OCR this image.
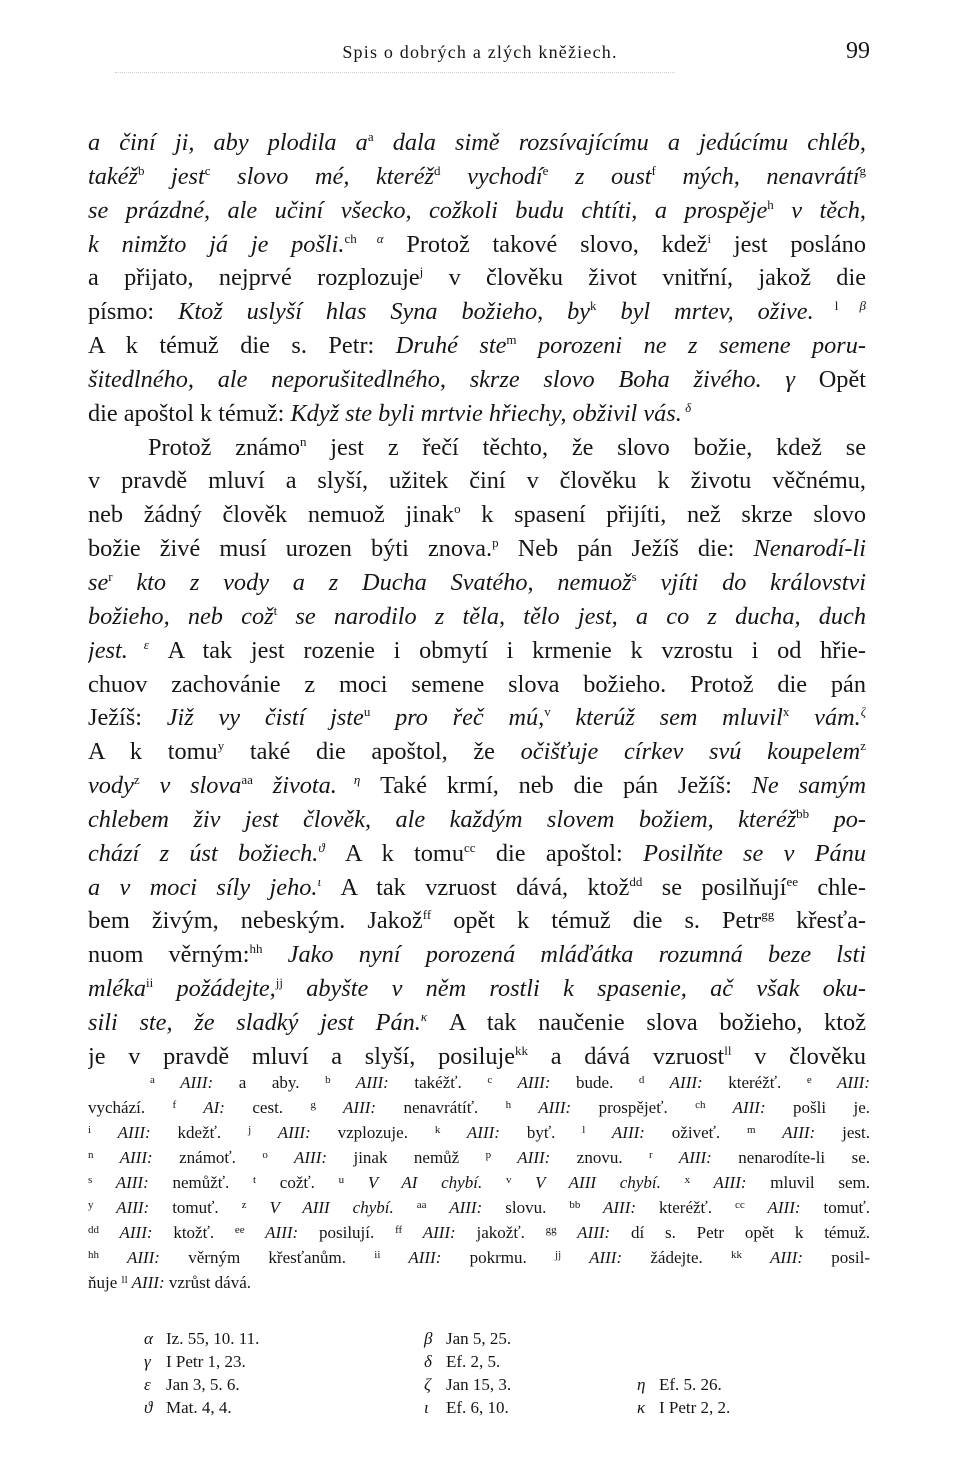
Spis o dobrých a zlých kněžiech.	99
a činí ji, aby plodila $a^a$ dala simě rozsívajícímu a jedúcímu chléb,
takéž$^b$ jest$^c$ slovo mé, kteréž$^d$ vychodí$^e$ z oust$^f$ mých, nenavrátí$^g$
se prázdné, ale učiní všecko, cožkoli budu chtíti, a prospěje$^h$ v těch,
k nimžto já je pošli.$^{ch}$ $^\alpha$ Protož takové slovo, kdež$^i$ jest posláno
a přijato, nejprvé rozplozuje$^j$ v člověku život vnitřní, jakož die
písmo: Ktož uslyší hlas Syna božieho, $by^k$ byl mrtev, ožive. $^l$ $^\beta$
A k témuž die s. Petr: Druhé ste$^m$ porozeni ne z semene poru-
šitedlného, ale neporušitedlného, skrze slovo Boha živého. γ Opět
die apoštol k témuž: Když ste byli mrtvie hřiechy, obživil vás. $^\delta$
Protož známo$^n$ jest z řečí těchto, že slovo božie, kdež se
v pravdě mluví a slyší, užitek činí v člověku k životu věčnému,
neb žádný člověk nemuož jinak$^o$ k spasení přijíti, než skrze slovo
božie živé musí urozen býti znova.$^p$ Neb pán Ježíš die: Nenarodí-li
$se^r$ kto z vody a z Ducha Svatého, nemuož$^s$ vjíti do královstvi
božieho, neb což$^t$ se narodilo z těla, tělo jest, a co z ducha, duch
jest. $^\varepsilon$ A tak jest rozenie i obmytí i krmenie k vzrostu i od hřie-
chuov zachovánie z moci semene slova božieho. Protož die pán
Ježíš: Již vy čistí jste$^u$ pro řeč mú,$^v$ kterúž sem mluvil$^x$ vám.$^\zeta$
A k tomu$^y$ také die apoštol, že očišťuje církev svú koupelem$^z$
vody$^z$ v slova$^{aa}$ života. $^\eta$ Také krmí, neb die pán Ježíš: Ne samým
chlebem živ jest člověk, ale každým slovem božiem, kteréž$^{bb}$ po-
chází z úst božiech.$^ϑ$ A k tomu$^{cc}$ die apoštol: Posilňte se v Pánu
a v moci síly jeho.$^\iota$ A tak vzruost dává, ktož$^{dd}$ se posilňují$^{ee}$ chle-
bem živým, nebeským. Jakož$^{ff}$ opět k témuž die s. Petr$^{gg}$ křesťa-
nuom věrným:$^{hh}$ Jako nyní porozená mláďátka rozumná beze lsti
mléka$^{ii}$ požádejte,$^{jj}$ abyšte v něm rostli k spasenie, ač však oku-
sili ste, že sladký jest Pán.$^\kappa$ A tak naučenie slova božieho, ktož
je v pravdě mluví a slyší, posiluje$^{kk}$ a dává vzruost$^{ll}$ v člověku
$^a$ AIII: a aby. $^b$ AIII: takéžť. $^c$ AIII: bude. $^d$ AIII: kteréžť. $^e$ AIII:
vychází. $^f$ AI: cest. $^g$ AIII: nenavrátíť. $^h$ AIII: prospějeť. $^{ch}$ AIII: pošli je.
$^i$ AIII: kdežť. $^j$ AIII: vzplozuje. $^k$ AIII: byť. $^l$ AIII: oživeť. $^m$ AIII: jest.
$^n$ AIII: známoť. $^o$ AIII: jinak nemůž $^p$ AIII: znovu. $^r$ AIII: nenarodíte-li se.
$^s$ AIII: nemůžť. $^t$ cožť. $^u$ V AI chybí. $^v$ V AIII chybí. $^x$ AIII: mluvil sem.
$^y$ AIII: tomuť. $^z$ V AIII chybí. $^{aa}$ AIII: slovu. $^{bb}$ AIII: kteréžť. $^{cc}$ AIII: tomuť.
$^{dd}$ AIII: ktožť. $^{ee}$ AIII: posilují. $^{ff}$ AIII: jakožť. $^{gg}$ AIII: dí s. Petr opět k témuž.
$^{hh}$ AIII: věrným křesťanům. $^{ii}$ AIII: pokrmu. $^{jj}$ AIII: žádejte. $^{kk}$ AIII: posil-
ňuje $^{ll}$ AIII: vzrůst dává.
α Iz. 55, 10. 11.	β Jan 5, 25.
γ I Petr 1, 23.	δ Ef. 2, 5.
ε Jan 3, 5. 6.	ζ Jan 15, 3.	η Ef. 5. 26.
ϑ Mat. 4, 4.	ι Ef. 6, 10.	κ I Petr 2, 2.
